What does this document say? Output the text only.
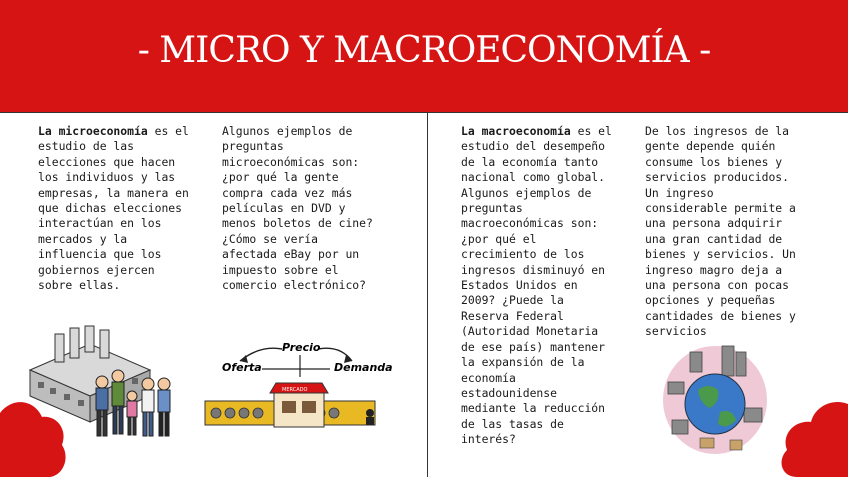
- MICRO Y MACROECONOMÍA -
La microeconomía es el
estudio de las
elecciones que hacen
los individuos y las
empresas, la manera en
que dichas elecciones
interactúan en los
mercados y la
influencia que los
gobiernos ejercen
sobre ellas.
Algunos ejemplos de
preguntas
microeconómicas son:
¿por qué la gente
compra cada vez más
películas en DVD y
menos boletos de cine?
¿Cómo se vería
afectada eBay por un
impuesto sobre el
comercio electrónico?
La macroeconomía es el
estudio del desempeño
de la economía tanto
nacional como global.
Algunos ejemplos de
preguntas
macroeconómicas son:
¿por qué el
crecimiento de los
ingresos disminuyó en
Estados Unidos en
2009? ¿Puede la
Reserva Federal
(Autoridad Monetaria
de ese país) mantener
la expansión de la
economía
estadounidense
mediante la reducción
de las tasas de
interés?
De los ingresos de la
gente depende quién
consume los bienes y
servicios producidos.
Un ingreso
considerable permite a
una persona adquirir
una gran cantidad de
bienes y servicios. Un
ingreso magro deja a
una persona con pocas
opciones y pequeñas
cantidades de bienes y
servicios
Precio
Oferta	Demanda
MERCADO
